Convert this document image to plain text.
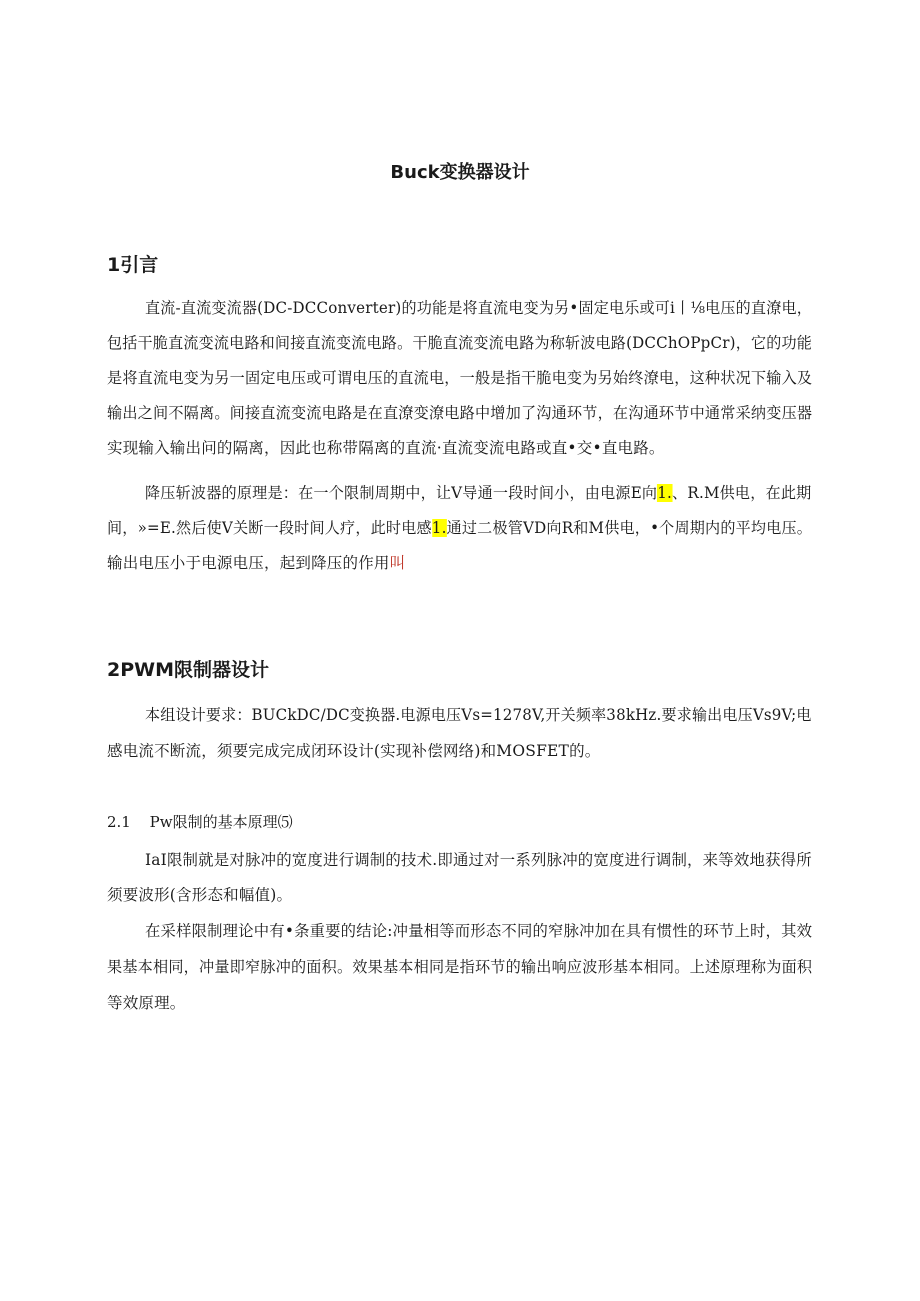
Buck变换器设计
1引言
直流-直流变流器(DC-DCConverter)的功能是将直流电变为另•固定电乐或可i丨⅛电压的直潦电，
包括干脆直流变流电路和间接直流变流电路。干脆直流变流电路为称斩波电路(DCChOPpCr)，它的功能
是将直流电变为另一固定电压或可谓电压的直流电，一般是指干脆电变为另始终潦电，这种状况下输入及
输出之间不隔离。间接直流变流电路是在直潦变潦电路中增加了沟通环节，在沟通环节中通常采纳变压器
实现输入输出问的隔离，因此也称带隔离的直流·直流变流电路或直•交•直电路。
降压斩波器的原理是：在一个限制周期中，让V导通一段时间小，由电源E向1.、R.M供电，在此期
间，»=E.然后使V关断一段时间人疗，此时电感1.通过二极管VD向R和M供电，•个周期内的平均电压。
输出电压小于电源电压，起到降压的作用叫
2PWM限制器设计
本组设计要求：BUCkDC/DC变换器.电源电压Vs=1278V,开关频率38kHz.要求输出电压Vs9V;电
感电流不断流，须要完成完成闭环设计(实现补偿网络)和MOSFET的。
2.1 Pw限制的基本原理⑸
IaI限制就是对脉冲的宽度进行调制的技术.即通过对一系列脉冲的宽度进行调制，来等效地获得所
须要波形(含形态和幅值)。
在采样限制理论中有•条重要的结论:冲量相等而形态不同的窄脉冲加在具有惯性的环节上时，其效
果基本相同，冲量即窄脉冲的面积。效果基本相同是指环节的输出响应波形基本相同。上述原理称为面积
等效原理。
